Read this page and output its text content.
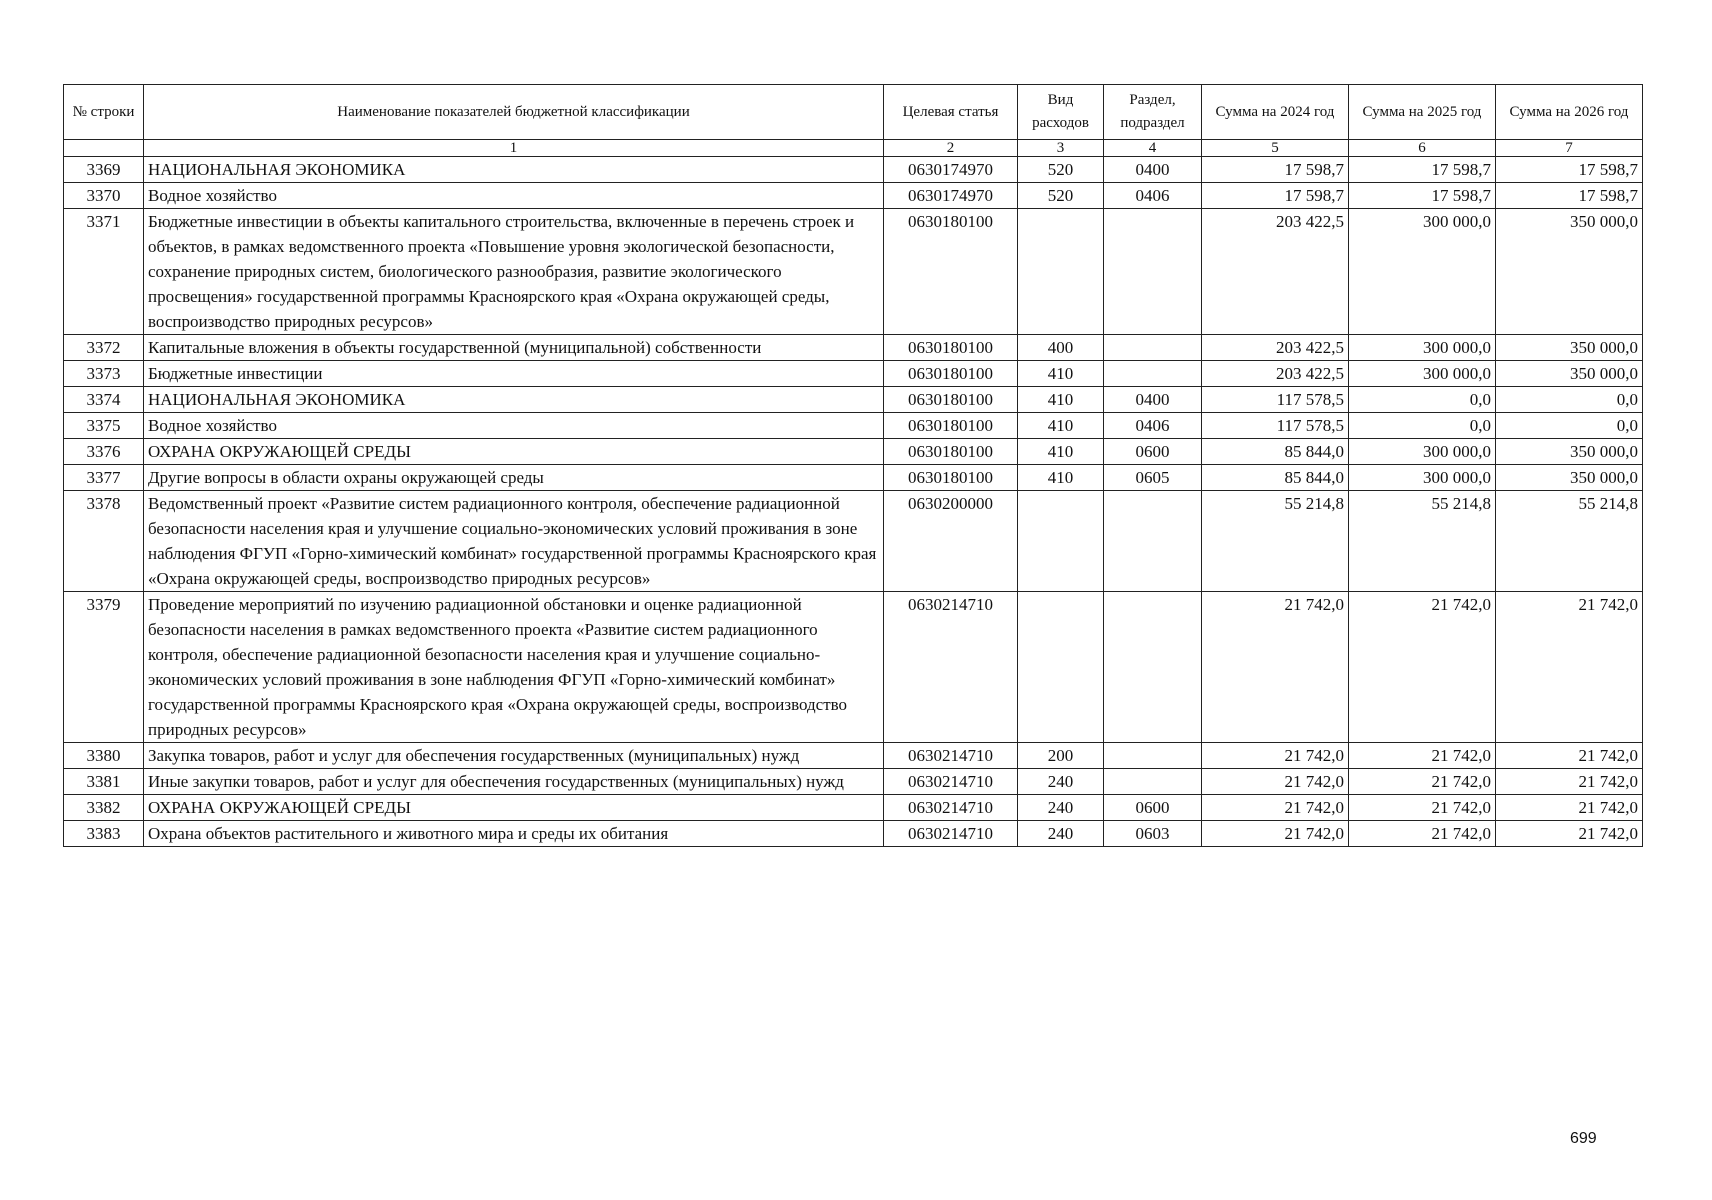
№ строки	Наименование показателей бюджетной классификации	Целевая статья	Вид расходов	Раздел, подраздел	Сумма на 2024 год	Сумма на 2025 год	Сумма на 2026 год
	1	2	3	4	5	6	7
3369	НАЦИОНАЛЬНАЯ ЭКОНОМИКА	0630174970	520	0400	17 598,7	17 598,7	17 598,7
3370	Водное хозяйство	0630174970	520	0406	17 598,7	17 598,7	17 598,7
3371	Бюджетные инвестиции в объекты капитального строительства, включенные в перечень строек и объектов, в рамках ведомственного проекта «Повышение уровня экологической безопасности, сохранение природных систем, биологического разнообразия, развитие экологического просвещения» государственной программы Красноярского края «Охрана окружающей среды, воспроизводство природных ресурсов»	0630180100			203 422,5	300 000,0	350 000,0
3372	Капитальные вложения в объекты государственной (муниципальной) собственности	0630180100	400		203 422,5	300 000,0	350 000,0
3373	Бюджетные инвестиции	0630180100	410		203 422,5	300 000,0	350 000,0
3374	НАЦИОНАЛЬНАЯ ЭКОНОМИКА	0630180100	410	0400	117 578,5	0,0	0,0
3375	Водное хозяйство	0630180100	410	0406	117 578,5	0,0	0,0
3376	ОХРАНА ОКРУЖАЮЩЕЙ СРЕДЫ	0630180100	410	0600	85 844,0	300 000,0	350 000,0
3377	Другие вопросы в области охраны окружающей среды	0630180100	410	0605	85 844,0	300 000,0	350 000,0
3378	Ведомственный проект «Развитие систем радиационного контроля, обеспечение радиационной безопасности населения края и улучшение социально-экономических условий проживания в зоне наблюдения ФГУП «Горно-химический комбинат» государственной программы Красноярского края «Охрана окружающей среды, воспроизводство природных ресурсов»	0630200000			55 214,8	55 214,8	55 214,8
3379	Проведение мероприятий по изучению радиационной обстановки и оценке радиационной безопасности населения в рамках ведомственного проекта «Развитие систем радиационного контроля, обеспечение радиационной безопасности населения края и улучшение социально-экономических условий проживания в зоне наблюдения ФГУП «Горно-химический комбинат» государственной программы Красноярского края «Охрана окружающей среды, воспроизводство природных ресурсов»	0630214710			21 742,0	21 742,0	21 742,0
3380	Закупка товаров, работ и услуг для обеспечения государственных (муниципальных) нужд	0630214710	200		21 742,0	21 742,0	21 742,0
3381	Иные закупки товаров, работ и услуг для обеспечения государственных (муниципальных) нужд	0630214710	240		21 742,0	21 742,0	21 742,0
3382	ОХРАНА ОКРУЖАЮЩЕЙ СРЕДЫ	0630214710	240	0600	21 742,0	21 742,0	21 742,0
3383	Охрана объектов растительного и животного мира и среды их обитания	0630214710	240	0603	21 742,0	21 742,0	21 742,0
699
